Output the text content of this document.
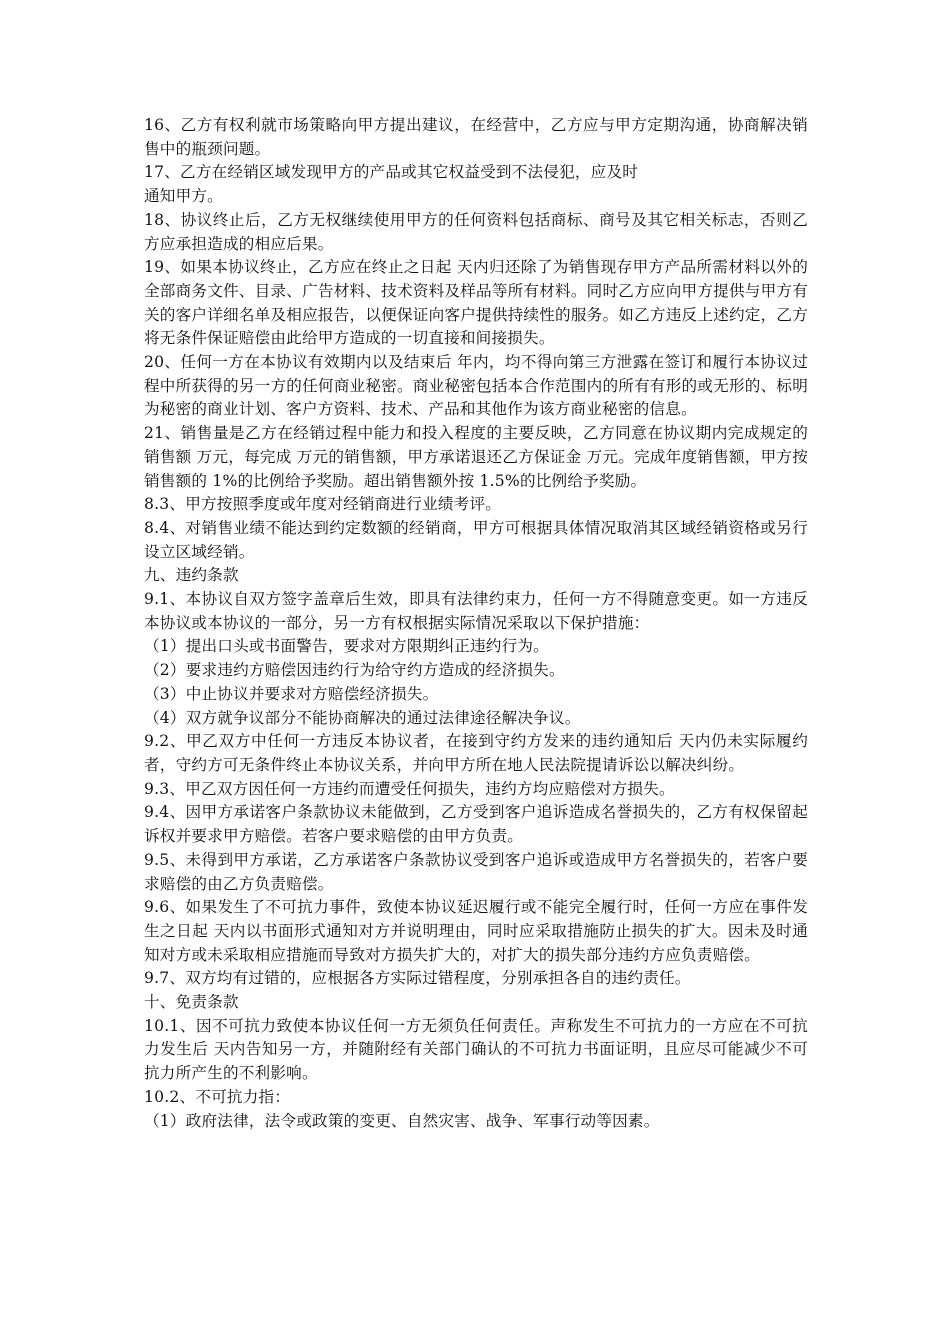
16、乙方有权利就市场策略向甲方提出建议，在经营中，乙方应与甲方定期沟通，协商解决销售中的瓶颈问题。

17、乙方在经销区域发现甲方的产品或其它权益受到不法侵犯，应及时

通知甲方。

18、协议终止后，乙方无权继续使用甲方的任何资料包括商标、商号及其它相关标志，否则乙方应承担造成的相应后果。

19、如果本协议终止，乙方应在终止之日起 天内归还除了为销售现存甲方产品所需材料以外的全部商务文件、目录、广告材料、技术资料及样品等所有材料。同时乙方应向甲方提供与甲方有关的客户详细名单及相应报告，以便保证向客户提供持续性的服务。如乙方违反上述约定，乙方将无条件保证赔偿由此给甲方造成的一切直接和间接损失。

20、任何一方在本协议有效期内以及结束后 年内，均不得向第三方泄露在签订和履行本协议过程中所获得的另一方的任何商业秘密。商业秘密包括本合作范围内的所有有形的或无形的、标明为秘密的商业计划、客户方资料、技术、产品和其他作为该方商业秘密的信息。

21、销售量是乙方在经销过程中能力和投入程度的主要反映，乙方同意在协议期内完成规定的销售额 万元，每完成 万元的销售额，甲方承诺退还乙方保证金 万元。完成年度销售额，甲方按销售额的 1%的比例给予奖励。超出销售额外按 1.5%的比例给予奖励。

8.3、甲方按照季度或年度对经销商进行业绩考评。

8.4、对销售业绩不能达到约定数额的经销商，甲方可根据具体情况取消其区域经销资格或另行设立区域经销。

九、违约条款

9.1、本协议自双方签字盖章后生效，即具有法律约束力，任何一方不得随意变更。如一方违反本协议或本协议的一部分，另一方有权根据实际情况采取以下保护措施：

（1）提出口头或书面警告，要求对方限期纠正违约行为。

（2）要求违约方赔偿因违约行为给守约方造成的经济损失。

（3）中止协议并要求对方赔偿经济损失。

（4）双方就争议部分不能协商解决的通过法律途径解决争议。

9.2、甲乙双方中任何一方违反本协议者，在接到守约方发来的违约通知后 天内仍未实际履约者，守约方可无条件终止本协议关系，并向甲方所在地人民法院提请诉讼以解决纠纷。

9.3、甲乙双方因任何一方违约而遭受任何损失，违约方均应赔偿对方损失。

9.4、因甲方承诺客户条款协议未能做到，乙方受到客户追诉造成名誉损失的，乙方有权保留起诉权并要求甲方赔偿。若客户要求赔偿的由甲方负责。

9.5、未得到甲方承诺，乙方承诺客户条款协议受到客户追诉或造成甲方名誉损失的，若客户要求赔偿的由乙方负责赔偿。

9.6、如果发生了不可抗力事件，致使本协议延迟履行或不能完全履行时，任何一方应在事件发生之日起 天内以书面形式通知对方并说明理由，同时应采取措施防止损失的扩大。因未及时通知对方或未采取相应措施而导致对方损失扩大的，对扩大的损失部分违约方应负责赔偿。

9.7、双方均有过错的，应根据各方实际过错程度，分别承担各自的违约责任。

十、免责条款

10.1、因不可抗力致使本协议任何一方无须负任何责任。声称发生不可抗力的一方应在不可抗力发生后 天内告知另一方，并随附经有关部门确认的不可抗力书面证明，且应尽可能减少不可抗力所产生的不利影响。

10.2、不可抗力指：

（1）政府法律，法令或政策的变更、自然灾害、战争、军事行动等因素。
